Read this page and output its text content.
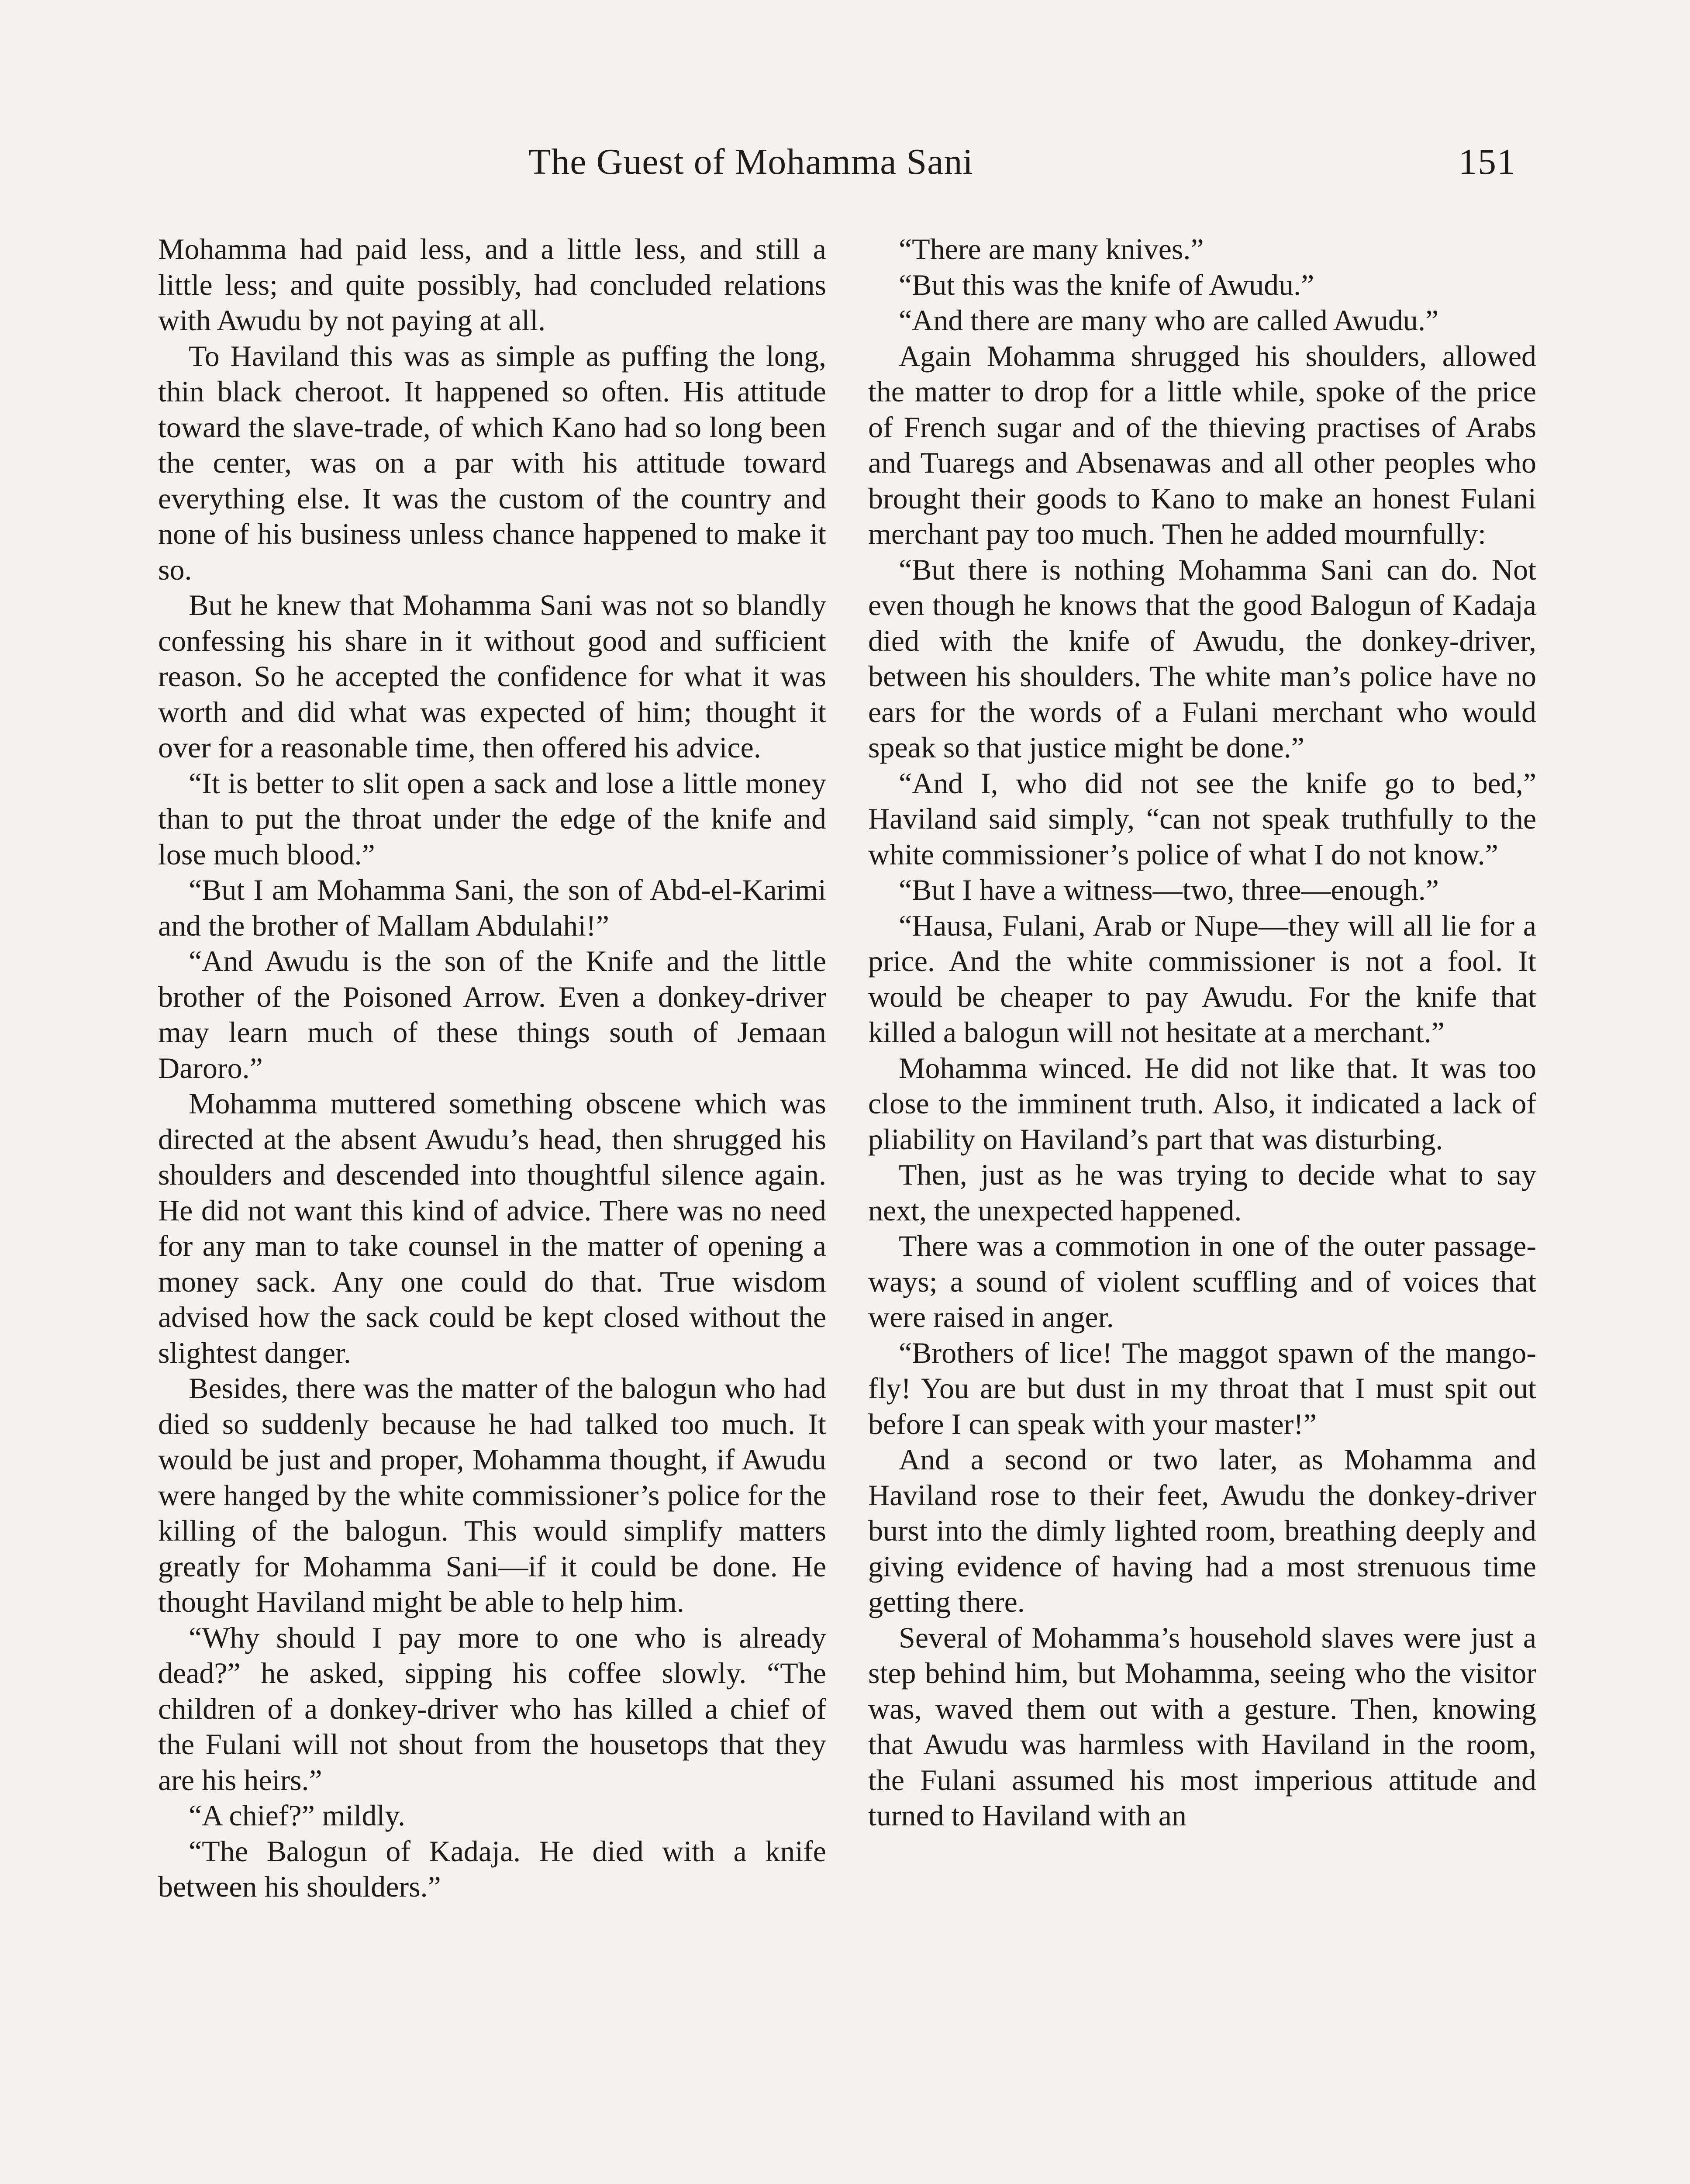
The Guest of Mohamma Sani	151

Mohamma had paid less, and a little less, and still a little less; and quite possibly, had concluded relations with Awudu by not paying at all.

To Haviland this was as simple as puffing the long, thin black cheroot. It happened so often. His attitude toward the slave-trade, of which Kano had so long been the center, was on a par with his attitude toward everything else. It was the custom of the country and none of his business unless chance happened to make it so.

But he knew that Mohamma Sani was not so blandly confessing his share in it without good and sufficient reason. So he accepted the confidence for what it was worth and did what was expected of him; thought it over for a reasonable time, then offered his advice.

“It is better to slit open a sack and lose a little money than to put the throat under the edge of the knife and lose much blood.”

“But I am Mohamma Sani, the son of Abd-el-Karimi and the brother of Mallam Abdulahi!”

“And Awudu is the son of the Knife and the little brother of the Poisoned Arrow. Even a donkey-driver may learn much of these things south of Jemaan Daroro.”

Mohamma muttered something obscene which was directed at the absent Awudu’s head, then shrugged his shoulders and descended into thoughtful silence again. He did not want this kind of advice. There was no need for any man to take counsel in the matter of opening a money sack. Any one could do that. True wisdom advised how the sack could be kept closed without the slightest danger.

Besides, there was the matter of the balogun who had died so suddenly because he had talked too much. It would be just and proper, Mohamma thought, if Awudu were hanged by the white commissioner’s police for the killing of the balogun. This would simplify matters greatly for Mohamma Sani—if it could be done. He thought Haviland might be able to help him.

“Why should I pay more to one who is already dead?” he asked, sipping his coffee slowly. “The children of a donkey-driver who has killed a chief of the Fulani will not shout from the housetops that they are his heirs.”

“A chief?” mildly.

“The Balogun of Kadaja. He died with a knife between his shoulders.”

“There are many knives.”

“But this was the knife of Awudu.”

“And there are many who are called Awudu.”

Again Mohamma shrugged his shoulders, allowed the matter to drop for a little while, spoke of the price of French sugar and of the thieving practises of Arabs and Tuaregs and Absenawas and all other peoples who brought their goods to Kano to make an honest Fulani merchant pay too much. Then he added mournfully:

“But there is nothing Mohamma Sani can do. Not even though he knows that the good Balogun of Kadaja died with the knife of Awudu, the donkey-driver, between his shoulders. The white man’s police have no ears for the words of a Fulani merchant who would speak so that justice might be done.”

“And I, who did not see the knife go to bed,” Haviland said simply, “can not speak truthfully to the white commissioner’s police of what I do not know.”

“But I have a witness—two, three—enough.”

“Hausa, Fulani, Arab or Nupe—they will all lie for a price. And the white commissioner is not a fool. It would be cheaper to pay Awudu. For the knife that killed a balogun will not hesitate at a merchant.”

Mohamma winced. He did not like that. It was too close to the imminent truth. Also, it indicated a lack of pliability on Haviland’s part that was disturbing.

Then, just as he was trying to decide what to say next, the unexpected happened.

There was a commotion in one of the outer passage-ways; a sound of violent scuffling and of voices that were raised in anger.

“Brothers of lice! The maggot spawn of the mango-fly! You are but dust in my throat that I must spit out before I can speak with your master!”

And a second or two later, as Mohamma and Haviland rose to their feet, Awudu the donkey-driver burst into the dimly lighted room, breathing deeply and giving evidence of having had a most strenuous time getting there.

Several of Mohamma’s household slaves were just a step behind him, but Mohamma, seeing who the visitor was, waved them out with a gesture. Then, knowing that Awudu was harmless with Haviland in the room, the Fulani assumed his most imperious attitude and turned to Haviland with an
